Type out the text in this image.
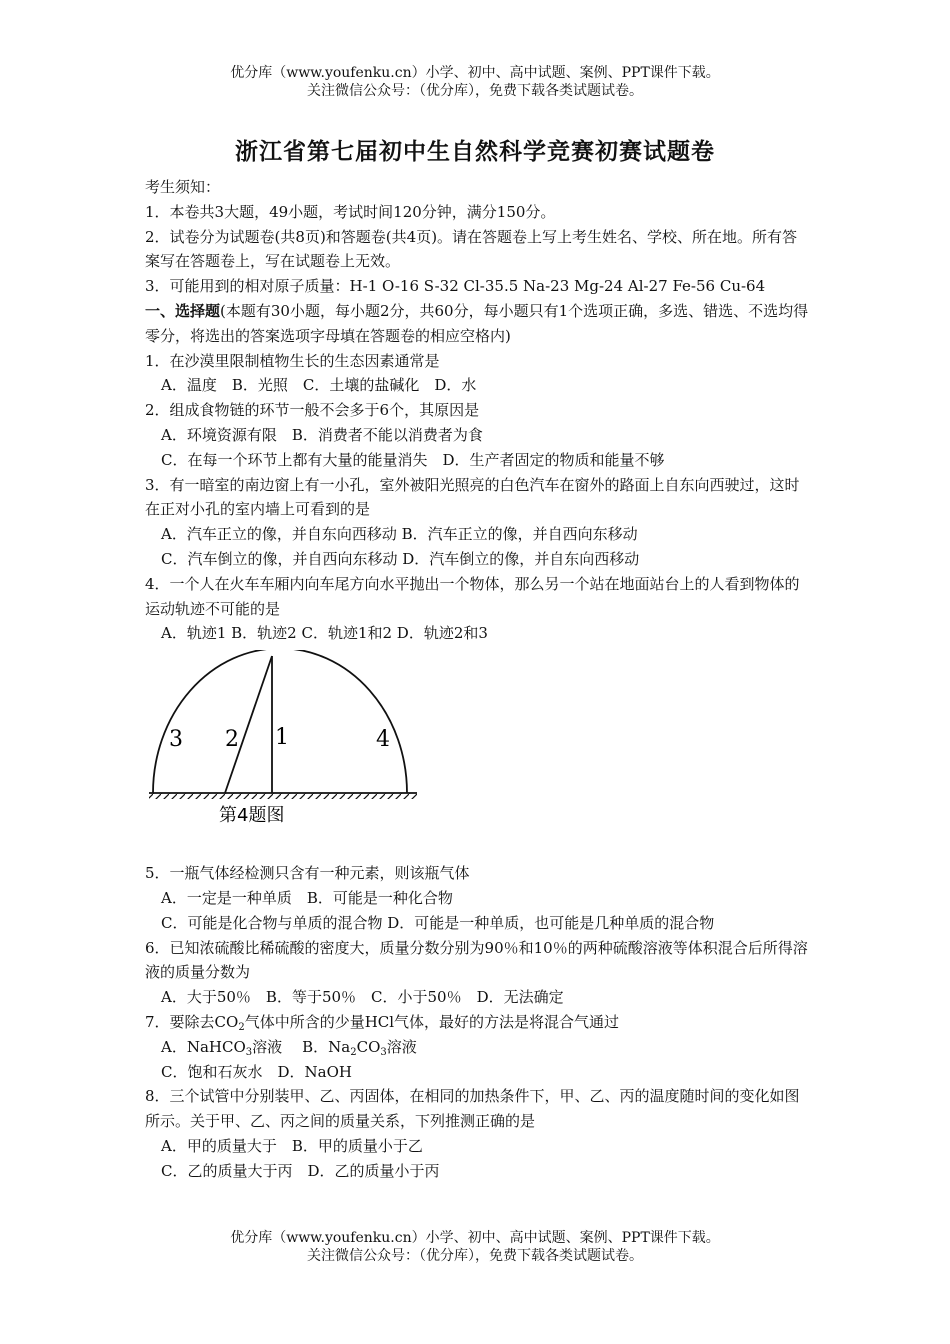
优分库（www.youfenku.cn）小学、初中、高中试题、案例、PPT课件下载。
关注微信公众号：（优分库），免费下载各类试题试卷。
浙江省第七届初中生自然科学竞赛初赛试题卷

考生须知：

1．本卷共3大题，49小题，考试时间120分钟，满分150分。

2．试卷分为试题卷(共8页)和答题卷(共4页)。请在答题卷上写上考生姓名、学校、所在地。所有答案写在答题卷上，写在试题卷上无效。

3．可能用到的相对原子质量：H-1 O-16 S-32 Cl-35.5 Na-23 Mg-24 Al-27 Fe-56 Cu-64

一、选择题(本题有30小题，每小题2分，共60分，每小题只有1个选项正确，多选、错选、不选均得零分，将选出的答案选项字母填在答题卷的相应空格内)

1．在沙漠里限制植物生长的生态因素通常是

A．温度　B．光照　C．土壤的盐碱化　D．水

2．组成食物链的环节一般不会多于6个，其原因是

A．环境资源有限　B．消费者不能以消费者为食

C．在每一个环节上都有大量的能量消失　D．生产者固定的物质和能量不够

3．有一暗室的南边窗上有一小孔，室外被阳光照亮的白色汽车在窗外的路面上自东向西驶过，这时在正对小孔的室内墙上可看到的是

A．汽车正立的像，并自东向西移动 B．汽车正立的像，并自西向东移动

C．汽车倒立的像，并自西向东移动 D．汽车倒立的像，并自东向西移动

4．一个人在火车车厢内向车尾方向水平抛出一个物体，那么另一个站在地面站台上的人看到物体的运动轨迹不可能的是

A．轨迹1 B．轨迹2 C．轨迹1和2 D．轨迹2和3

3 2 1	4
第4题图

5．一瓶气体经检测只含有一种元素，则该瓶气体

A．一定是一种单质　B．可能是一种化合物

C．可能是化合物与单质的混合物 D．可能是一种单质，也可能是几种单质的混合物

6．已知浓硫酸比稀硫酸的密度大，质量分数分别为90％和10％的两种硫酸溶液等体积混合后所得溶液的质量分数为

A．大于50％　B．等于50％　C．小于50％　D．无法确定

7．要除去$CO_2$气体中所含的少量HCl气体，最好的方法是将混合气通过

A．NaHCO$_3$溶液 B．$Na_2CO_3$溶液

C．饱和石灰水　D．NaOH

8．三个试管中分别装甲、乙、丙固体，在相同的加热条件下，甲、乙、丙的温度随时间的变化如图所示。关于甲、乙、丙之间的质量关系，下列推测正确的是

A．甲的质量大于　B．甲的质量小于乙

C．乙的质量大于丙　D．乙的质量小于丙

优分库（www.youfenku.cn）小学、初中、高中试题、案例、PPT课件下载。
关注微信公众号：（优分库），免费下载各类试题试卷。
